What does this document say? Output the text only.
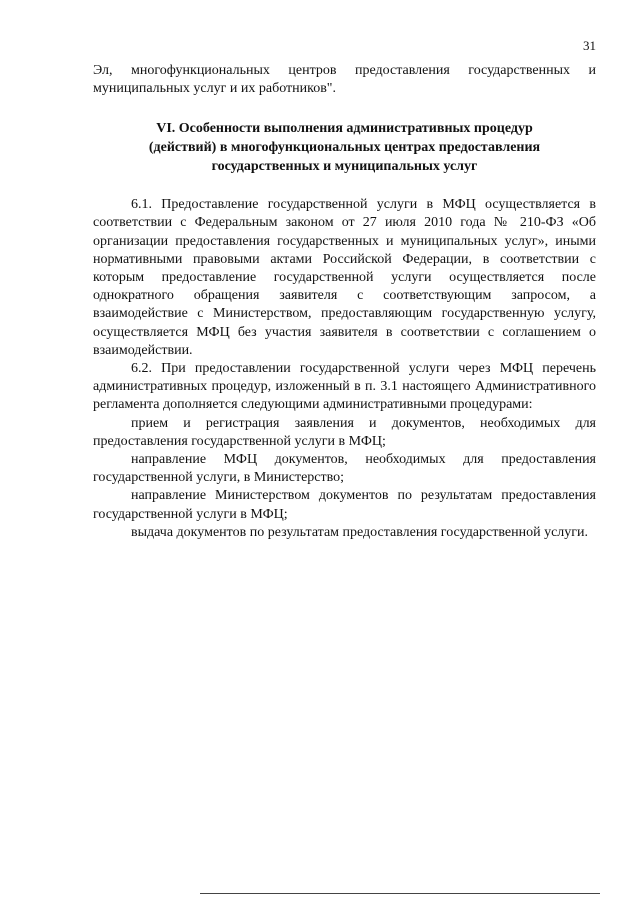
31

Эл, многофункциональных центров предоставления государственных и муниципальных услуг и их работников".

VI. Особенности выполнения административных процедур
(действий) в многофункциональных центрах предоставления
государственных и муниципальных услуг

6.1. Предоставление государственной услуги в МФЦ осуществляется в соответствии с Федеральным законом от 27 июля 2010 года № 210-ФЗ «Об организации предоставления государственных и муниципальных услуг», иными нормативными правовыми актами Российской Федерации, в соответствии с которым предоставление государственной услуги осуществляется после однократного обращения заявителя с соответствующим запросом, а взаимодействие с Министерством, предоставляющим государственную услугу, осуществляется МФЦ без участия заявителя в соответствии с соглашением о взаимодействии.

6.2. При предоставлении государственной услуги через МФЦ перечень административных процедур, изложенный в п. 3.1 настоящего Административного регламента дополняется следующими административными процедурами:

прием и регистрация заявления и документов, необходимых для предоставления государственной услуги в МФЦ;

направление МФЦ документов, необходимых для предоставления государственной услуги, в Министерство;

направление Министерством документов по результатам предоставления государственной услуги в МФЦ;

выдача документов по результатам предоставления государственной услуги.
